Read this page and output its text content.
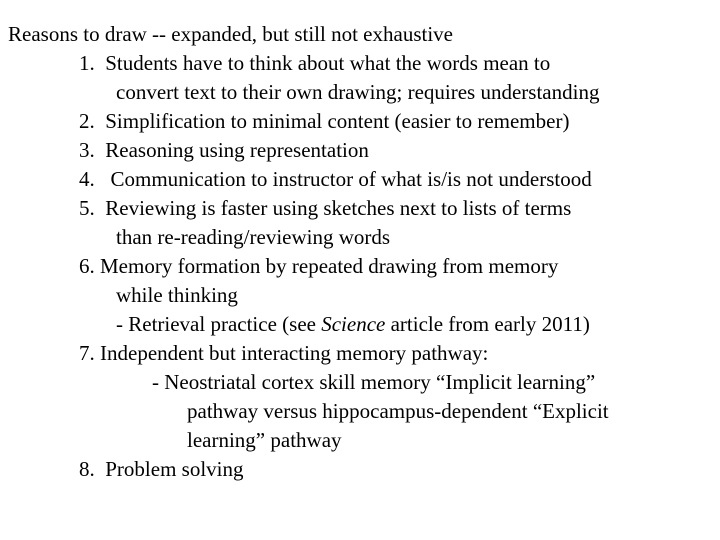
Reasons to draw -- expanded, but still not exhaustive
1. Students have to think about what the words mean to
convert text to their own drawing; requires understanding
2. Simplification to minimal content (easier to remember)
3. Reasoning using representation
4.   Communication to instructor of what is/is not understood
5. Reviewing is faster using sketches next to lists of terms
than re-reading/reviewing words
6. Memory formation by repeated drawing from memory
while thinking
- Retrieval practice (see Science article from early 2011)
7. Independent but interacting memory pathway:
- Neostriatal cortex skill memory “Implicit learning”
pathway versus hippocampus-dependent “Explicit
learning” pathway
8. Problem solving
